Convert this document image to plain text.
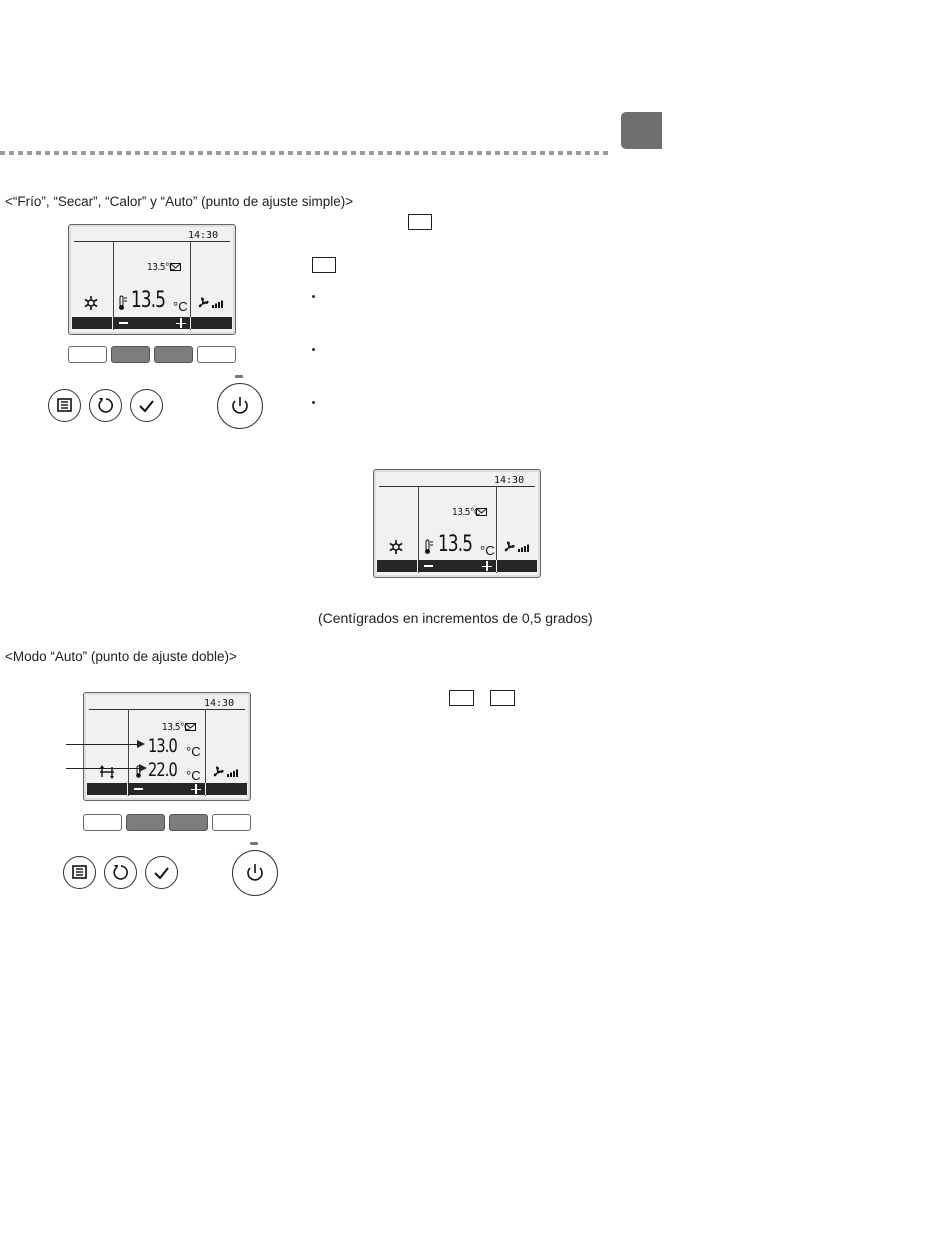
<“Frío”, “Secar”, “Calor” y “Auto” (punto de ajuste simple)>
14:30
13.5°C
13.5 °C
14:30
13.5°C
13.5 °C
(Centígrados en incrementos de 0,5 grados)
<Modo “Auto” (punto de ajuste doble)>
14:30
13.5°C
13.0 °C
22.0 °C
